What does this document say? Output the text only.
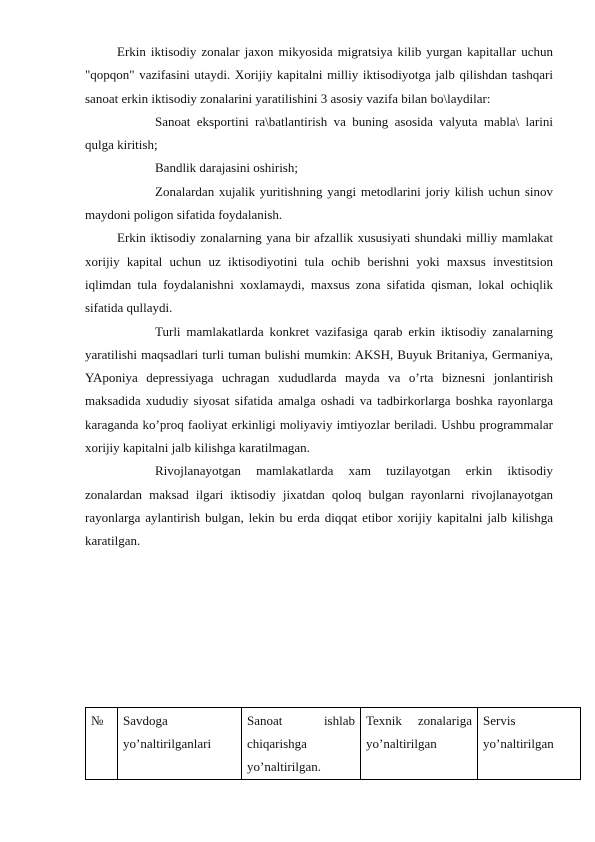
Erkin iktisodiy zonalar jaxon mikyosida migratsiya kilib yurgan kapitallar uchun "qopqon" vazifasini utaydi. Xorijiy kapitalni milliy iktisodiyotga jalb qilishdan tashqari sanoat erkin iktisodiy zonalarini yaratilishini 3 asosiy vazifa bilan bo\laydilar:

Sanoat eksportini ra\batlantirish va buning asosida valyuta mabla\ larini qulga kiritish;

Bandlik darajasini oshirish;

Zonalardan xujalik yuritishning yangi metodlarini joriy kilish uchun sinov maydoni poligon sifatida foydalanish.

Erkin iktisodiy zonalarning yana bir afzallik xususiyati shundaki milliy mamlakat xorijiy kapital uchun uz iktisodiyotini tula ochib berishni yoki maxsus investitsion iqlimdan tula foydalanishni xoxlamaydi, maxsus zona sifatida qisman, lokal ochiqlik sifatida qullaydi.

Turli mamlakatlarda konkret vazifasiga qarab erkin iktisodiy zanalarning yaratilishi maqsadlari turli tuman bulishi mumkin: AKSH, Buyuk Britaniya, Germaniya, YAponiya depressiyaga uchragan xududlarda mayda va o’rta biznesni jonlantirish maksadida xududiy siyosat sifatida amalga oshadi va tadbirkorlarga boshka rayonlarga karaganda ko’proq faoliyat erkinligi moliyaviy imtiyozlar beriladi. Ushbu programmalar xorijiy kapitalni jalb kilishga karatilmagan.

Rivojlanayotgan mamlakatlarda xam tuzilayotgan erkin iktisodiy zonalardan maksad ilgari iktisodiy jixatdan qoloq bulgan rayonlarni rivojlanayotgan rayonlarga aylantirish bulgan, lekin bu erda diqqat etibor xorijiy kapitalni jalb kilishga karatilgan.

№	Savdoga yo’naltirilganlari	Sanoat ishlab chiqarishga yo’naltirilgan.	Texnik zonalariga yo’naltirilgan	Servis yo’naltirilgan
